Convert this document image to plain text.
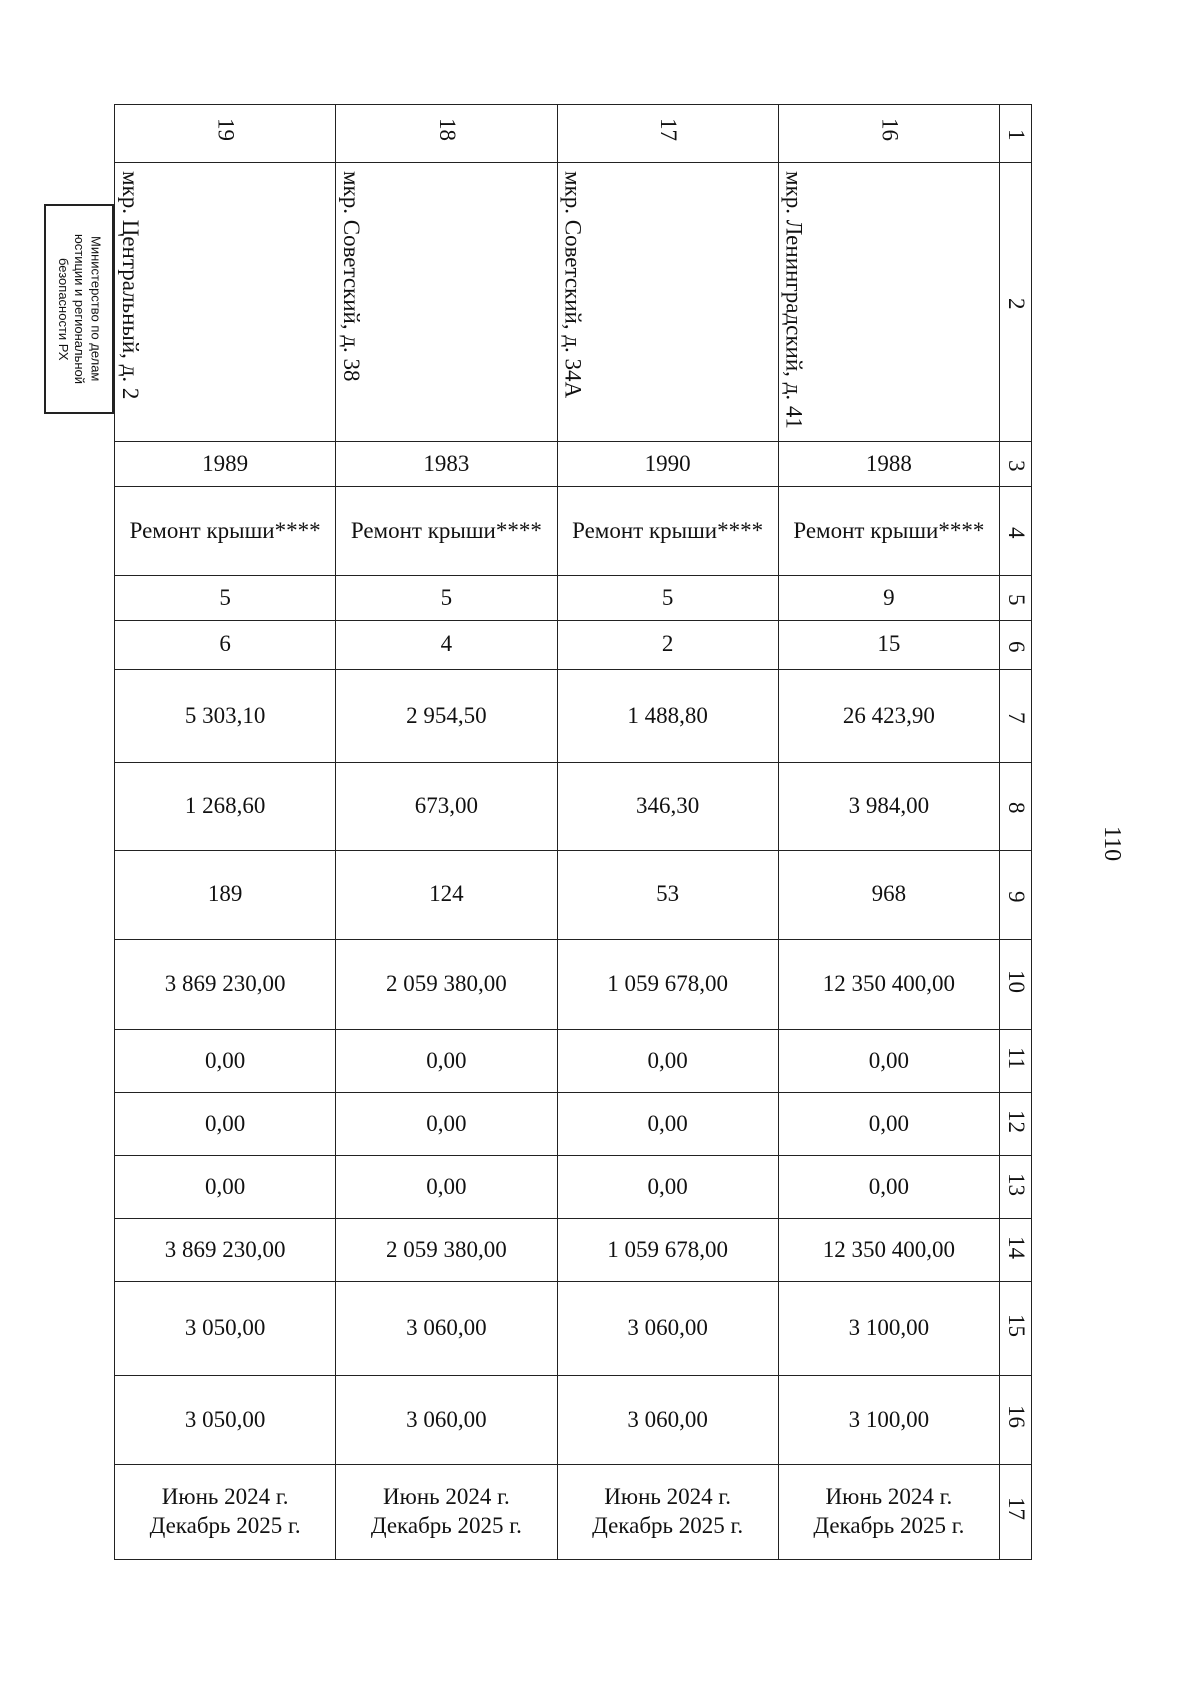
Министерство по делам
юстиции и региональной
безопасности РХ
110
19	18	17	16	1
мкр. Центральный, д. 2	мкр. Советский, д. 38	мкр. Советский, д. 34А	мкр. Ленинградский, д. 41	2
1989	1983	1990	1988	3
Ремонт крыши****	Ремонт крыши****	Ремонт крыши****	Ремонт крыши****	4
5	5	5	9	5
6	4	2	15	6
5 303,10	2 954,50	1 488,80	26 423,90	7
1 268,60	673,00	346,30	3 984,00	8
189	124	53	968	9
3 869 230,00	2 059 380,00	1 059 678,00	12 350 400,00	10
0,00	0,00	0,00	0,00	11
0,00	0,00	0,00	0,00	12
0,00	0,00	0,00	0,00	13
3 869 230,00	2 059 380,00	1 059 678,00	12 350 400,00	14
3 050,00	3 060,00	3 060,00	3 100,00	15
3 050,00	3 060,00	3 060,00	3 100,00	16

Июнь 2024 г.
Декабрь 2025 г.	Июнь 2024 г.
Декабрь 2025 г.	Июнь 2024 г.
Декабрь 2025 г.	Июнь 2024 г.
Декабрь 2025 г.	17
